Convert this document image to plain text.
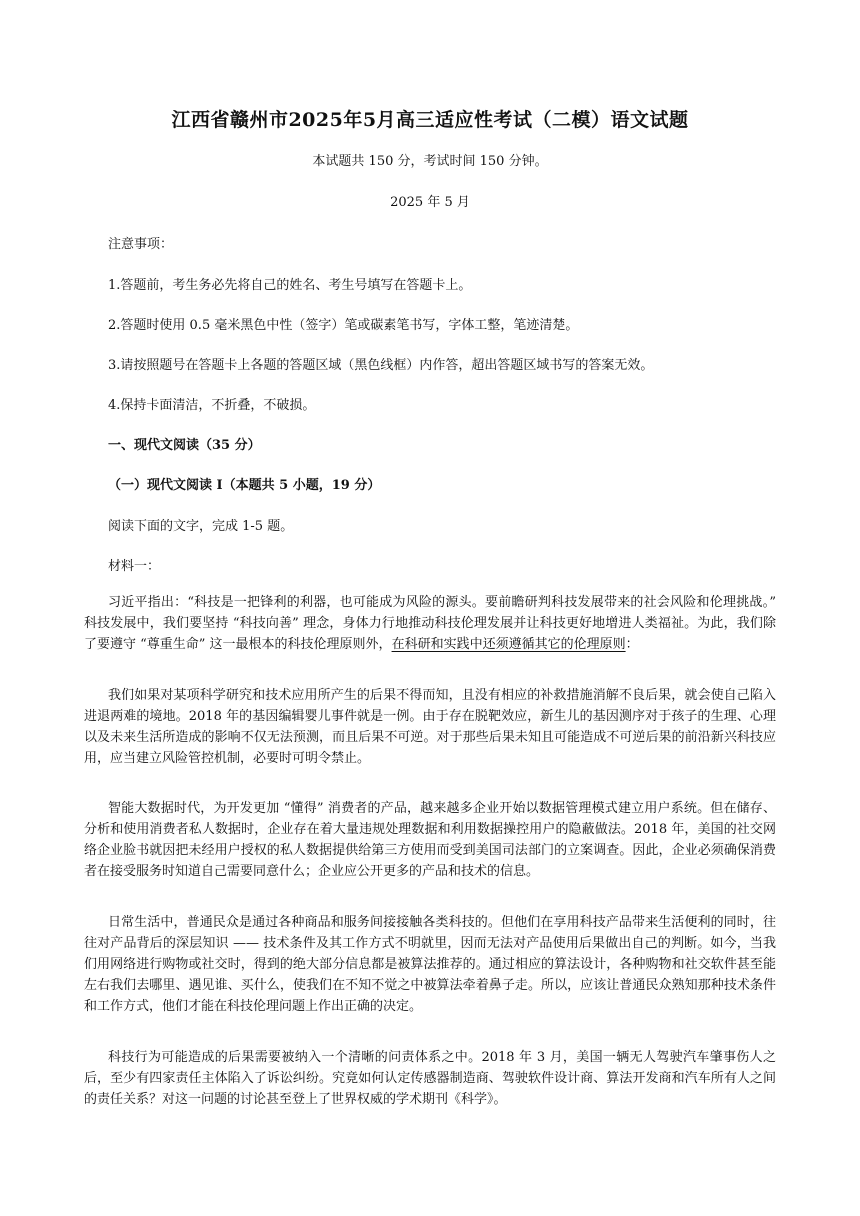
江西省赣州市2025年5月高三适应性考试（二模）语文试题
本试题共 150 分，考试时间 150 分钟。
2025 年 5 月
注意事项：
1.答题前，考生务必先将自己的姓名、考生号填写在答题卡上。
2.答题时使用 0.5 毫米黑色中性（签字）笔或碳素笔书写，字体工整，笔迹清楚。
3.请按照题号在答题卡上各题的答题区域（黑色线框）内作答，超出答题区域书写的答案无效。
4.保持卡面清洁，不折叠，不破损。
一、现代文阅读（35 分）
（一）现代文阅读 Ⅰ（本题共 5 小题，19 分）
阅读下面的文字，完成 1-5 题。
材料一：
习近平指出：“科技是一把锋利的利器，也可能成为风险的源头。要前瞻研判科技发展带来的社会风险和伦理挑战。” 科技发展中，我们要坚持 “科技向善” 理念，身体力行地推动科技伦理发展并让科技更好地增进人类福祉。为此，我们除了要遵守 “尊重生命” 这一最根本的科技伦理原则外，在科研和实践中还须遵循其它的伦理原则：
我们如果对某项科学研究和技术应用所产生的后果不得而知，且没有相应的补救措施消解不良后果，就会使自己陷入进退两难的境地。2018 年的基因编辑婴儿事件就是一例。由于存在脱靶效应，新生儿的基因测序对于孩子的生理、心理以及未来生活所造成的影响不仅无法预测，而且后果不可逆。对于那些后果未知且可能造成不可逆后果的前沿新兴科技应用，应当建立风险管控机制，必要时可明令禁止。
智能大数据时代，为开发更加 “懂得” 消费者的产品，越来越多企业开始以数据管理模式建立用户系统。但在储存、分析和使用消费者私人数据时，企业存在着大量违规处理数据和利用数据操控用户的隐蔽做法。2018 年，美国的社交网络企业脸书就因把未经用户授权的私人数据提供给第三方使用而受到美国司法部门的立案调查。因此，企业必须确保消费者在接受服务时知道自己需要同意什么；企业应公开更多的产品和技术的信息。
日常生活中，普通民众是通过各种商品和服务间接接触各类科技的。但他们在享用科技产品带来生活便利的同时，往往对产品背后的深层知识 —— 技术条件及其工作方式不明就里，因而无法对产品使用后果做出自己的判断。如今，当我们用网络进行购物或社交时，得到的绝大部分信息都是被算法推荐的。通过相应的算法设计，各种购物和社交软件甚至能左右我们去哪里、遇见谁、买什么，使我们在不知不觉之中被算法牵着鼻子走。所以，应该让普通民众熟知那种技术条件和工作方式，他们才能在科技伦理问题上作出正确的决定。
科技行为可能造成的后果需要被纳入一个清晰的问责体系之中。2018 年 3 月，美国一辆无人驾驶汽车肇事伤人之后，至少有四家责任主体陷入了诉讼纠纷。究竟如何认定传感器制造商、驾驶软件设计商、算法开发商和汽车所有人之间的责任关系？对这一问题的讨论甚至登上了世界权威的学术期刊《科学》。
